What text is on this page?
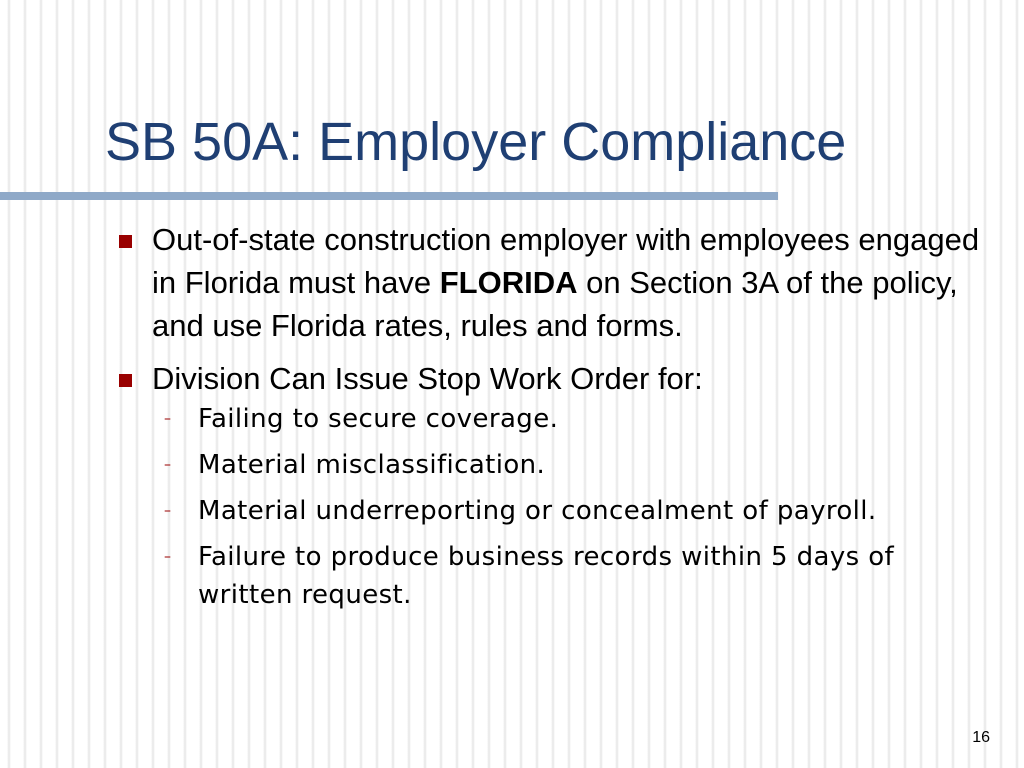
SB 50A: Employer Compliance
Out-of-state construction employer with employees engaged in Florida must have FLORIDA on Section 3A of the policy, and use Florida rates, rules and forms.
Division Can Issue Stop Work Order for:
– Failing to secure coverage.
– Material misclassification.
– Material underreporting or concealment of payroll.
– Failure to produce business records within 5 days of written request.
16
